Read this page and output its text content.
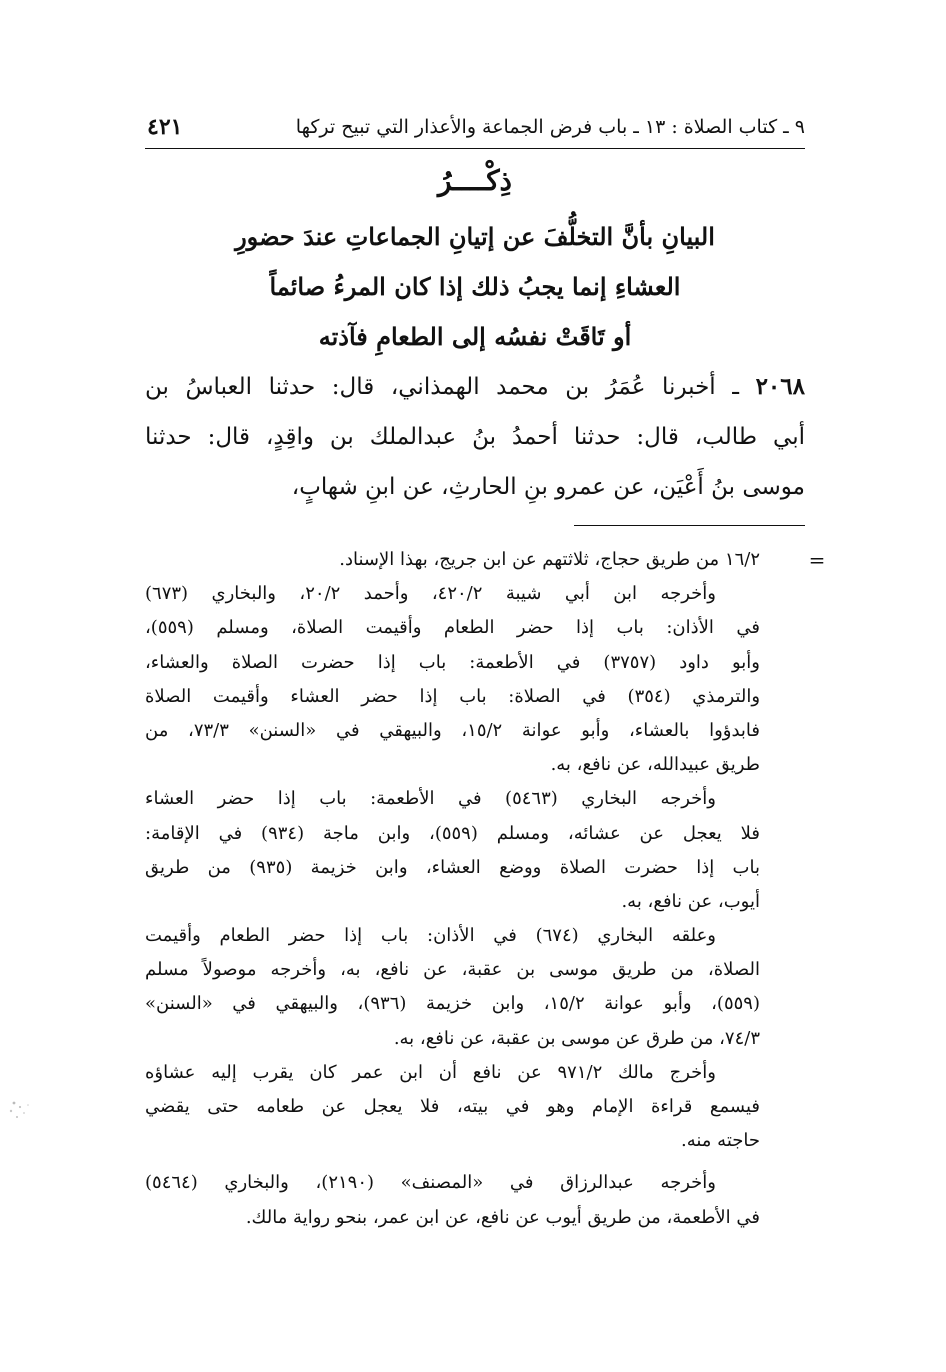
٩ ـ كتاب الصلاة : ١٣ ـ باب فرض الجماعة والأعذار التي تبيح تركها
٤٢١
ذِكْــــرُ
البيانِ بأنَّ التخلُّفَ عن إتيانِ الجماعاتِ عندَ حضورِ
العشاءِ إنما يجبُ ذلك إذا كان المرءُ صائماً
أو تَاقَتْ نفسُه إلى الطعامِ فآذته
٢٠٦٨ ـ أخبرنا عُمَرُ بن محمد الهمذاني، قال: حدثنا العباسُ بن
أبي طالب، قال: حدثنا أحمدُ بنُ عبدالملك بن واقِدٍ، قال: حدثنا
موسى بنُ أَعْيَن، عن عمرو بنِ الحارثِ، عن ابنِ شهابٍ،
=
١٦/٢ من طريق حجاج، ثلاثتهم عن ابن جريج، بهذا الإسناد.
وأخرجه ابن أبي شيبة ٤٢٠/٢، وأحمد ٢٠/٢، والبخاري (٦٧٣)
في الأذان: باب إذا حضر الطعام وأقيمت الصلاة، ومسلم (٥٥٩)،
وأبو داود (٣٧٥٧) في الأطعمة: باب إذا حضرت الصلاة والعشاء،
والترمذي (٣٥٤) في الصلاة: باب إذا حضر العشاء وأقيمت الصلاة
فابدؤوا بالعشاء، وأبو عوانة ١٥/٢، والبيهقي في «السنن» ٧٣/٣، من
طريق عبيدالله، عن نافع، به.
وأخرجه البخاري (٥٤٦٣) في الأطعمة: باب إذا حضر العشاء
فلا يعجل عن عشائه، ومسلم (٥٥٩)، وابن ماجة (٩٣٤) في الإقامة:
باب إذا حضرت الصلاة ووضع العشاء، وابن خزيمة (٩٣٥) من طريق
أيوب، عن نافع، به.
وعلقه البخاري (٦٧٤) في الأذان: باب إذا حضر الطعام وأقيمت
الصلاة، من طريق موسى بن عقبة، عن نافع، به، وأخرجه موصولاً مسلم
(٥٥٩)، وأبو عوانة ١٥/٢، وابن خزيمة (٩٣٦)، والبيهقي في «السنن»
٧٤/٣، من طرق عن موسى بن عقبة، عن نافع، به.
وأخرج مالك ٩٧١/٢ عن نافع أن ابن عمر كان يقرب إليه عشاؤه
فيسمع قراءة الإمام وهو في بيته، فلا يعجل عن طعامه حتى يقضي
حاجته منه.
وأخرجه عبدالرزاق في «المصنف» (٢١٩٠)، والبخاري (٥٤٦٤)
في الأطعمة، من طريق أيوب عن نافع، عن ابن عمر، بنحو رواية مالك.
